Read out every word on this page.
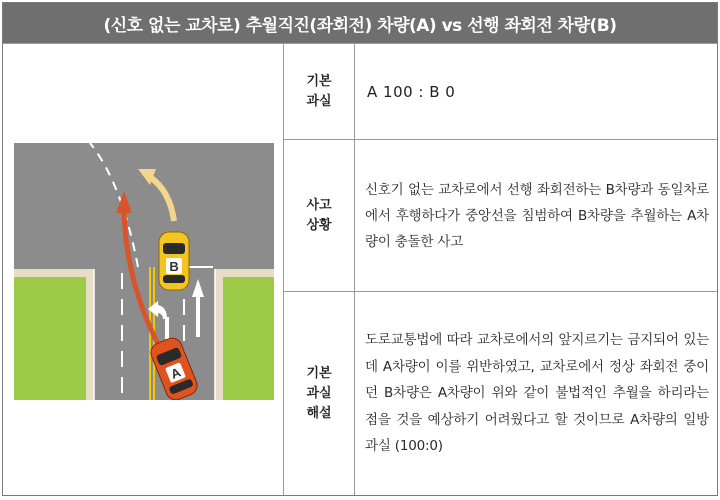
(신호 없는 교차로) 추월직진(좌회전) 차량(A) vs 선행 좌회전 차량(B)
B
A
기본
과실
A 100 : B 0
사고
상황

신호기 없는 교차로에서 선행 좌회전하는 B차량과 동일차로에서 후행하다가 중앙선을 침범하여 B차량을 추월하는 A차량이 충돌한 사고

기본
과실
해설

도로교통법에 따라 교차로에서의 앞지르기는 금지되어 있는데 A차량이 이를 위반하였고, 교차로에서 정상 좌회전 중이던 B차량은 A차량이 위와 같이 불법적인 추월을 하리라는 점을 것을 예상하기 어려웠다고 할 것이므로 A차량의 일방과실 (100:0)
